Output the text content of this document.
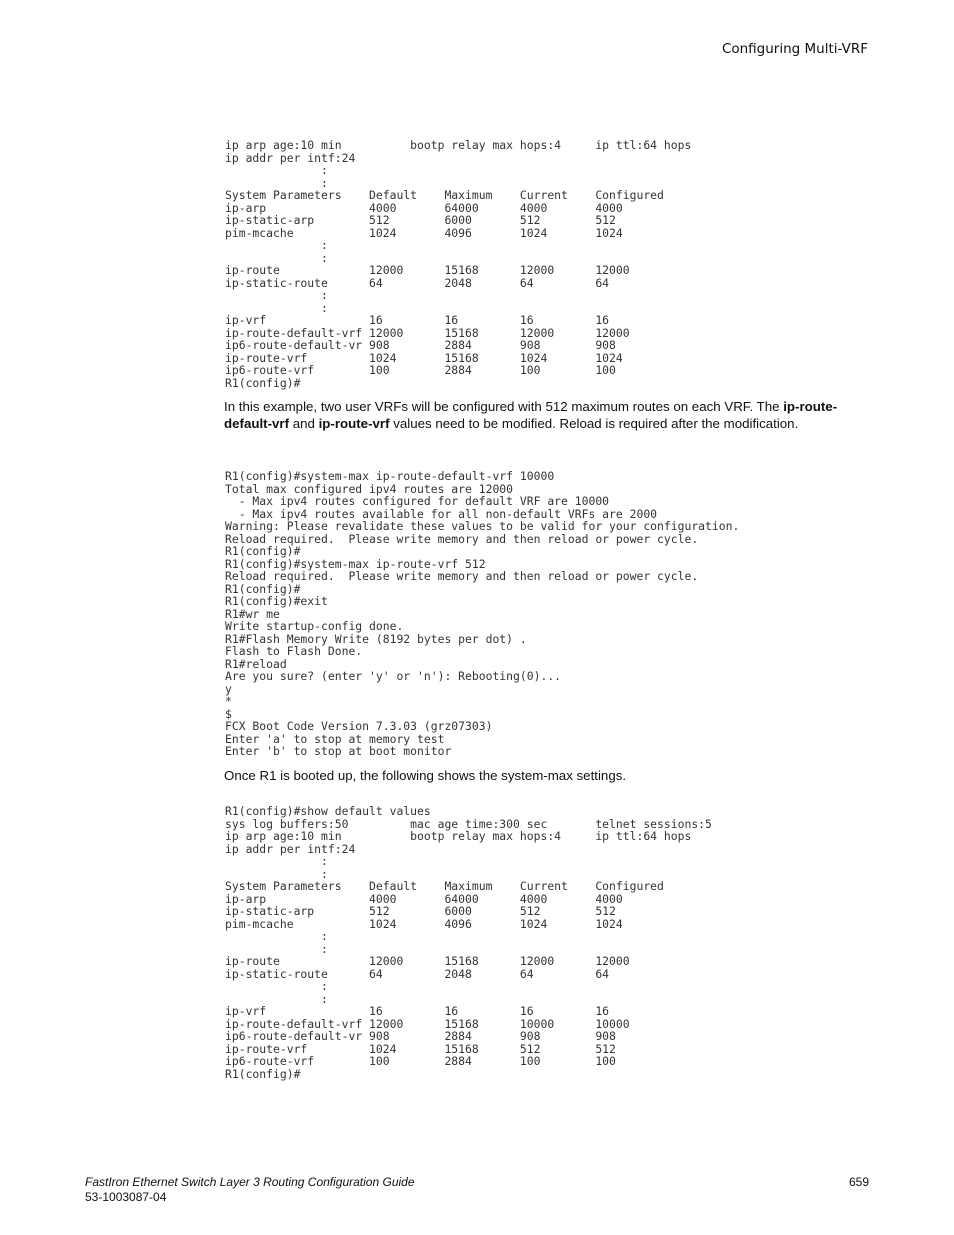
Configuring Multi-VRF
ip arp age:10 min          bootp relay max hops:4     ip ttl:64 hops
ip addr per intf:24
:
:
System Parameters    Default    Maximum    Current    Configured
ip-arp               4000       64000      4000       4000
ip-static-arp        512        6000       512        512
pim-mcache           1024       4096       1024       1024
:
:
ip-route             12000      15168      12000      12000
ip-static-route      64         2048       64         64
:
:
ip-vrf               16         16         16         16
ip-route-default-vrf 12000      15168      12000      12000
ip6-route-default-vr 908        2884       908        908
ip-route-vrf         1024       15168      1024       1024
ip6-route-vrf        100        2884       100        100
R1(config)#

In this example, two user VRFs will be configured with 512 maximum routes on each VRF. The ip-route-default-vrf and ip-route-vrf values need to be modified. Reload is required after the modification.

R1(config)#system-max ip-route-default-vrf 10000
Total max configured ipv4 routes are 12000
- Max ipv4 routes configured for default VRF are 10000
- Max ipv4 routes available for all non-default VRFs are 2000
Warning: Please revalidate these values to be valid for your configuration.
Reload required.  Please write memory and then reload or power cycle.
R1(config)#
R1(config)#system-max ip-route-vrf 512
Reload required.  Please write memory and then reload or power cycle.
R1(config)#
R1(config)#exit
R1#wr me
Write startup-config done.
R1#Flash Memory Write (8192 bytes per dot) .
Flash to Flash Done.
R1#reload
Are you sure? (enter 'y' or 'n'): Rebooting(0)...
y
*
$
FCX Boot Code Version 7.3.03 (grz07303)
Enter 'a' to stop at memory test
Enter 'b' to stop at boot monitor

Once R1 is booted up, the following shows the system-max settings.

R1(config)#show default values
sys log buffers:50         mac age time:300 sec       telnet sessions:5
ip arp age:10 min          bootp relay max hops:4     ip ttl:64 hops
ip addr per intf:24
:
:
System Parameters    Default    Maximum    Current    Configured
ip-arp               4000       64000      4000       4000
ip-static-arp        512        6000       512        512
pim-mcache           1024       4096       1024       1024
:
:
ip-route             12000      15168      12000      12000
ip-static-route      64         2048       64         64
:
:
ip-vrf               16         16         16         16
ip-route-default-vrf 12000      15168      10000      10000
ip6-route-default-vr 908        2884       908        908
ip-route-vrf         1024       15168      512        512
ip6-route-vrf        100        2884       100        100
R1(config)#
FastIron Ethernet Switch Layer 3 Routing Configuration Guide
53-1003087-04
659
